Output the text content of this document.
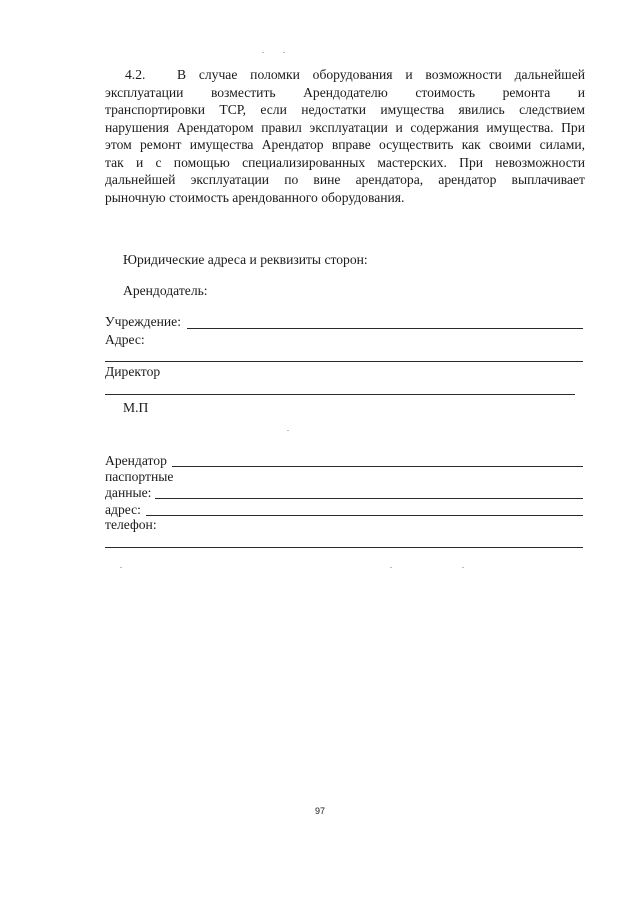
4.2. В случае поломки оборудования и возможности дальнейшей
эксплуатации возместить Арендодателю стоимость ремонта и
транспортировки ТСР, если недостатки имущества явились следствием
нарушения Арендатором правил эксплуатации и содержания имущества. При
этом ремонт имущества Арендатор вправе осуществить как своими силами,
так и с помощью специализированных мастерских. При невозможности
дальнейшей эксплуатации по вине арендатора, арендатор выплачивает
рыночную стоимость арендованного оборудования.
Юридические адреса и реквизиты сторон:
Арендодатель:
Учреждение:
Адрес:
Директор
М.П
Арендатор
паспортные
данные:
адрес:
телефон:
97
